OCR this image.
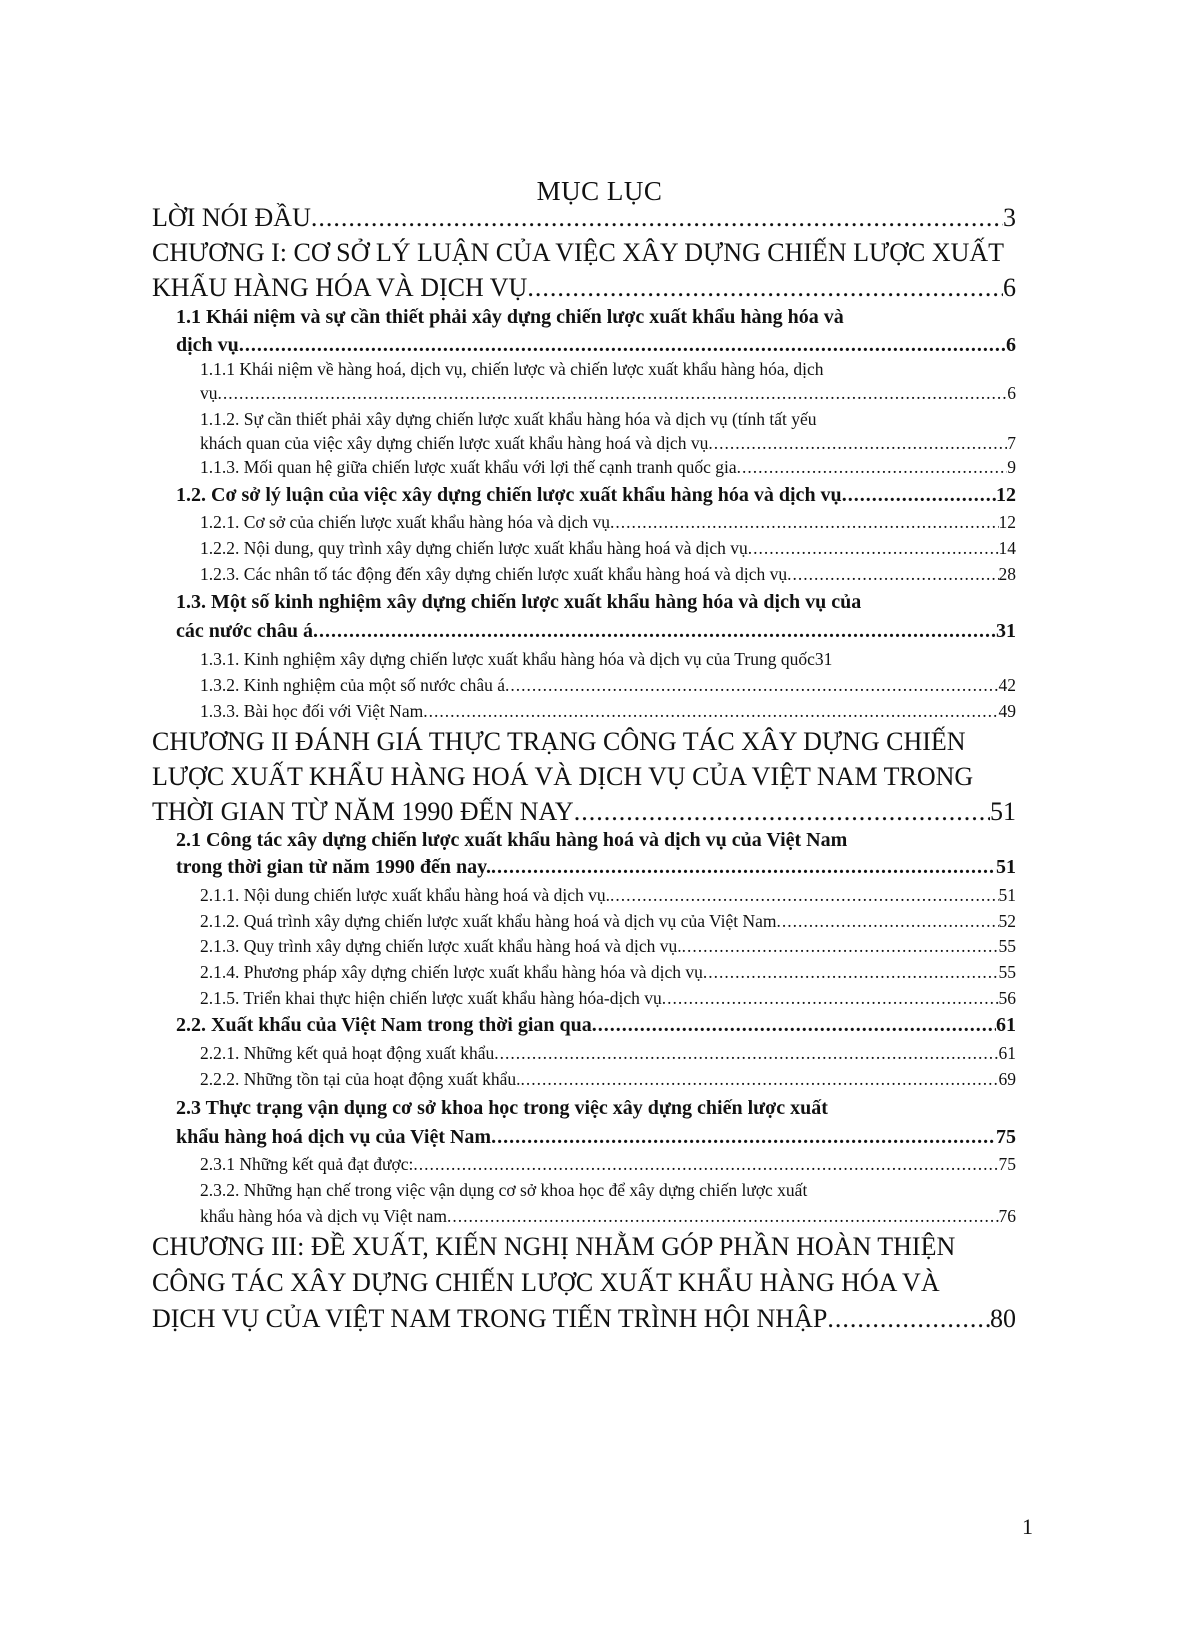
MỤC LỤC
LỜI NÓI ĐẦU .....	3
CHƯƠNG I: CƠ SỞ LÝ LUẬN CỦA VIỆC XÂY DỰNG CHIẾN LƯỢC XUẤT
KHẨU HÀNG HÓA VÀ DỊCH VỤ .....	6
1.1 Khái niệm và sự cần thiết phải xây dựng chiến lược xuất khẩu hàng hóa và
dịch vụ .....	6
1.1.1 Khái niệm về hàng hoá, dịch vụ, chiến lược và chiến lược xuất khẩu hàng hóa, dịch
vụ .....	6
1.1.2. Sự cần thiết phải xây dựng chiến lược xuất khẩu hàng hóa và dịch vụ (tính tất yếu
khách quan của việc xây dựng chiến lược xuất khẩu hàng hoá và dịch vụ .....	7
1.1.3. Mối quan hệ giữa chiến lược xuất khẩu với lợi thế cạnh tranh quốc gia .....	9
1.2. Cơ sở lý luận của việc xây dựng chiến lược xuất khẩu hàng hóa và dịch vụ .....	12
1.2.1. Cơ sở của chiến lược xuất khẩu hàng hóa và dịch vụ .....	12
1.2.2. Nội dung, quy trình xây dựng chiến lược xuất khẩu hàng hoá và dịch vụ .....	14
1.2.3. Các nhân tố tác động đến xây dựng chiến lược xuất khẩu hàng hoá và dịch vụ .....	28
1.3. Một số kinh nghiệm xây dựng chiến lược xuất khẩu hàng hóa và dịch vụ của
các nước châu á .....	31
1.3.1. Kinh nghiệm xây dựng chiến lược xuất khẩu hàng hóa và dịch vụ của Trung quốc 31
1.3.2. Kinh nghiệm của một số nước châu á .....	42
1.3.3. Bài học đối với Việt Nam .....	49
CHƯƠNG II ĐÁNH GIÁ THỰC TRẠNG CÔNG TÁC XÂY DỰNG CHIẾN
LƯỢC XUẤT KHẨU HÀNG HOÁ VÀ DỊCH VỤ CỦA VIỆT NAM TRONG
THỜI GIAN TỪ NĂM 1990 ĐẾN NAY .....	51
2.1 Công tác xây dựng chiến lược xuất khẩu hàng hoá và dịch vụ của Việt Nam
trong thời gian từ năm 1990 đến nay. .....	51
2.1.1. Nội dung chiến lược xuất khẩu hàng hoá và dịch vụ. .....	51
2.1.2. Quá trình xây dựng chiến lược xuất khẩu hàng hoá và dịch vụ của Việt Nam .....	52
2.1.3. Quy trình xây dựng chiến lược xuất khẩu hàng hoá và dịch vụ. .....	55
2.1.4. Phương pháp xây dựng chiến lược xuất khẩu hàng hóa và dịch vụ .....	55
2.1.5. Triển khai thực hiện chiến lược xuất khẩu hàng hóa-dịch vụ .....	56
2.2. Xuất khẩu của Việt Nam trong thời gian qua .....	61
2.2.1. Những kết quả hoạt động xuất khẩu .....	61
2.2.2. Những tồn tại của hoạt động xuất khẩu. .....	69
2.3 Thực trạng vận dụng cơ sở khoa học trong việc xây dựng chiến lược xuất
khẩu hàng hoá dịch vụ của Việt Nam .....	75
2.3.1 Những kết quả đạt được: .....	75
2.3.2. Những hạn chế trong việc vận dụng cơ sở khoa học để xây dựng chiến lược xuất
khẩu hàng hóa và dịch vụ Việt nam .....	76
CHƯƠNG III: ĐỀ XUẤT, KIẾN NGHỊ NHẰM GÓP PHẦN HOÀN THIỆN
CÔNG TÁC XÂY DỰNG CHIẾN LƯỢC XUẤT KHẨU HÀNG HÓA VÀ
DỊCH VỤ CỦA VIỆT NAM TRONG TIẾN TRÌNH HỘI NHẬP .....	80
1
